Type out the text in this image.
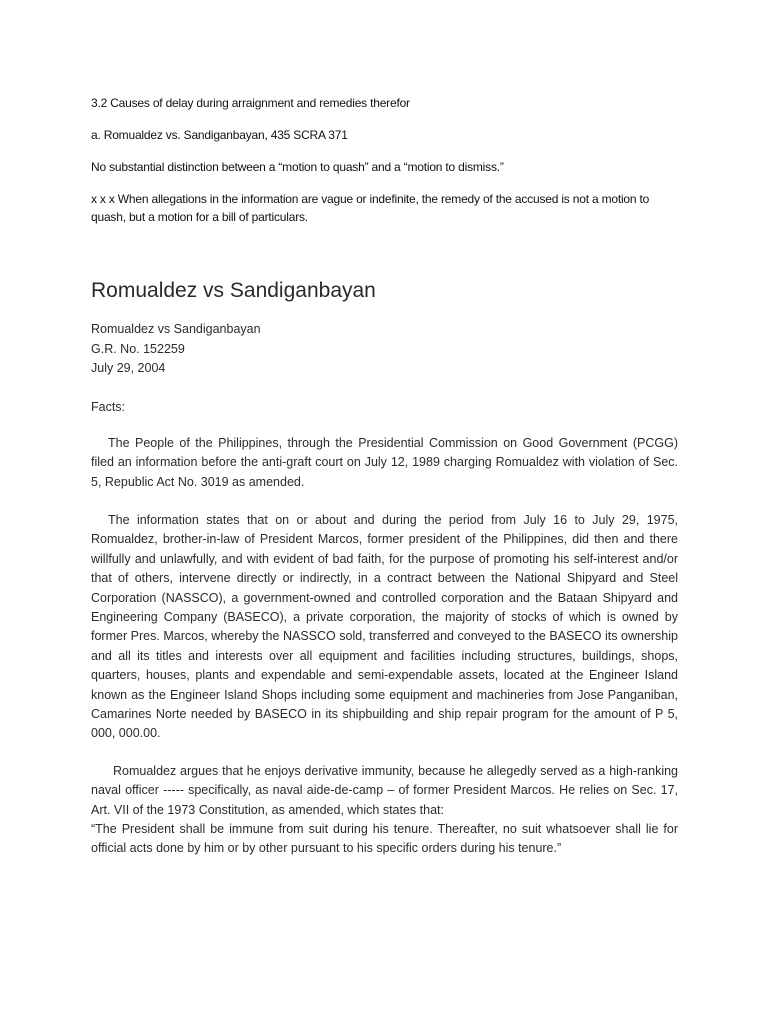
3.2 Causes of delay during arraignment and remedies therefor

a. Romualdez vs. Sandiganbayan, 435 SCRA 371

No substantial distinction between a “motion to quash” and a “motion to dismiss.”

x x x When allegations in the information are vague or indefinite, the remedy of the accused is not a motion to quash, but a motion for a bill of particulars.

Romualdez vs Sandiganbayan
Romualdez vs Sandiganbayan
G.R. No. 152259
July 29, 2004
Facts:

The People of the Philippines, through the Presidential Commission on Good Government (PCGG) filed an information before the anti-graft court on July 12, 1989 charging Romualdez with violation of Sec. 5, Republic Act No. 3019 as amended.

The information states that on or about and during the period from July 16 to July 29, 1975, Romualdez, brother-in-law of President Marcos, former president of the Philippines, did then and there willfully and unlawfully, and with evident of bad faith, for the purpose of promoting his self-interest and/or that of others, intervene directly or indirectly, in a contract between the National Shipyard and Steel Corporation (NASSCO), a government-owned and controlled corporation and the Bataan Shipyard and Engineering Company (BASECO), a private corporation, the majority of stocks of which is owned by former Pres. Marcos, whereby the NASSCO sold, transferred and conveyed to the BASECO its ownership and all its titles and interests over all equipment and facilities including structures, buildings, shops, quarters, houses, plants and expendable and semi-expendable assets, located at the Engineer Island known as the Engineer Island Shops including some equipment and machineries from Jose Panganiban, Camarines Norte needed by BASECO in its shipbuilding and ship repair program for the amount of P 5, 000, 000.00.

Romualdez argues that he enjoys derivative immunity, because he allegedly served as a high-ranking naval officer ----- specifically, as naval aide-de-camp – of former President Marcos. He relies on Sec. 17, Art. VII of the 1973 Constitution, as amended, which states that:

“The President shall be immune from suit during his tenure. Thereafter, no suit whatsoever shall lie for official acts done by him or by other pursuant to his specific orders during his tenure.”
